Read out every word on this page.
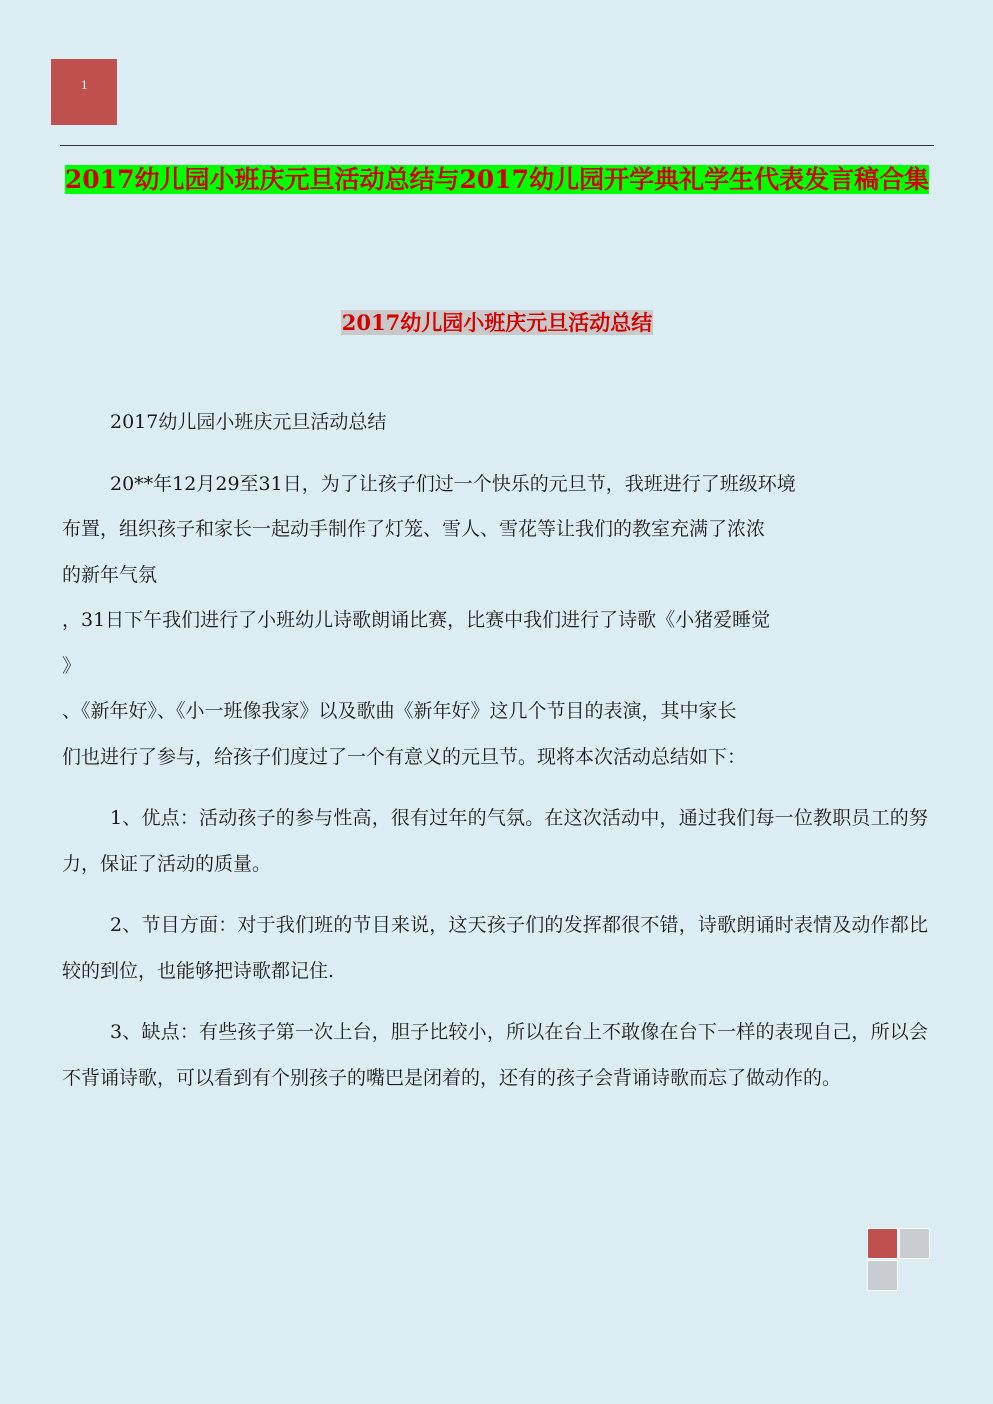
1
2017幼儿园小班庆元旦活动总结与2017幼儿园开学典礼学生代表发言稿合集
2017幼儿园小班庆元旦活动总结

2017幼儿园小班庆元旦活动总结

20**年12月29至31日，为了让孩子们过一个快乐的元旦节，我班进行了班级环境

布置，组织孩子和家长一起动手制作了灯笼、雪人、雪花等让我们的教室充满了浓浓

的新年气氛

，31日下午我们进行了小班幼儿诗歌朗诵比赛，比赛中我们进行了诗歌《小猪爱睡觉

》

、《新年好》、《小一班像我家》以及歌曲《新年好》这几个节目的表演，其中家长

们也进行了参与，给孩子们度过了一个有意义的元旦节。现将本次活动总结如下：

1、优点：活动孩子的参与性高，很有过年的气氛。在这次活动中，通过我们每一位教职员工的努力，保证了活动的质量。

2、节目方面：对于我们班的节目来说，这天孩子们的发挥都很不错，诗歌朗诵时表情及动作都比较的到位，也能够把诗歌都记住.

3、缺点：有些孩子第一次上台，胆子比较小，所以在台上不敢像在台下一样的表现自己，所以会不背诵诗歌，可以看到有个别孩子的嘴巴是闭着的，还有的孩子会背诵诗歌而忘了做动作的。
